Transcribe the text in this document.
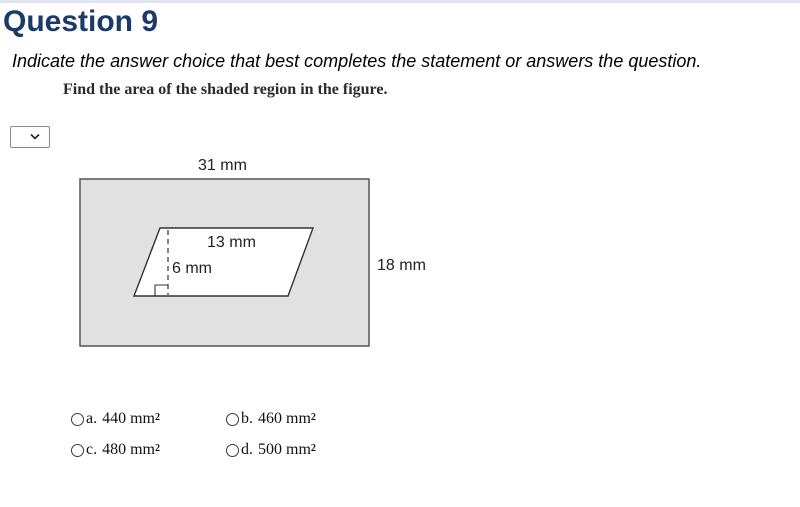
Question 9
Indicate the answer choice that best completes the statement or answers the question.
Find the area of the shaded region in the figure.
31 mm
18 mm
13 mm
6 mm
a. 440 $mm^2$	b. 460 $mm^2$
c. 480 $mm^2$	d. 500 $mm^2$
